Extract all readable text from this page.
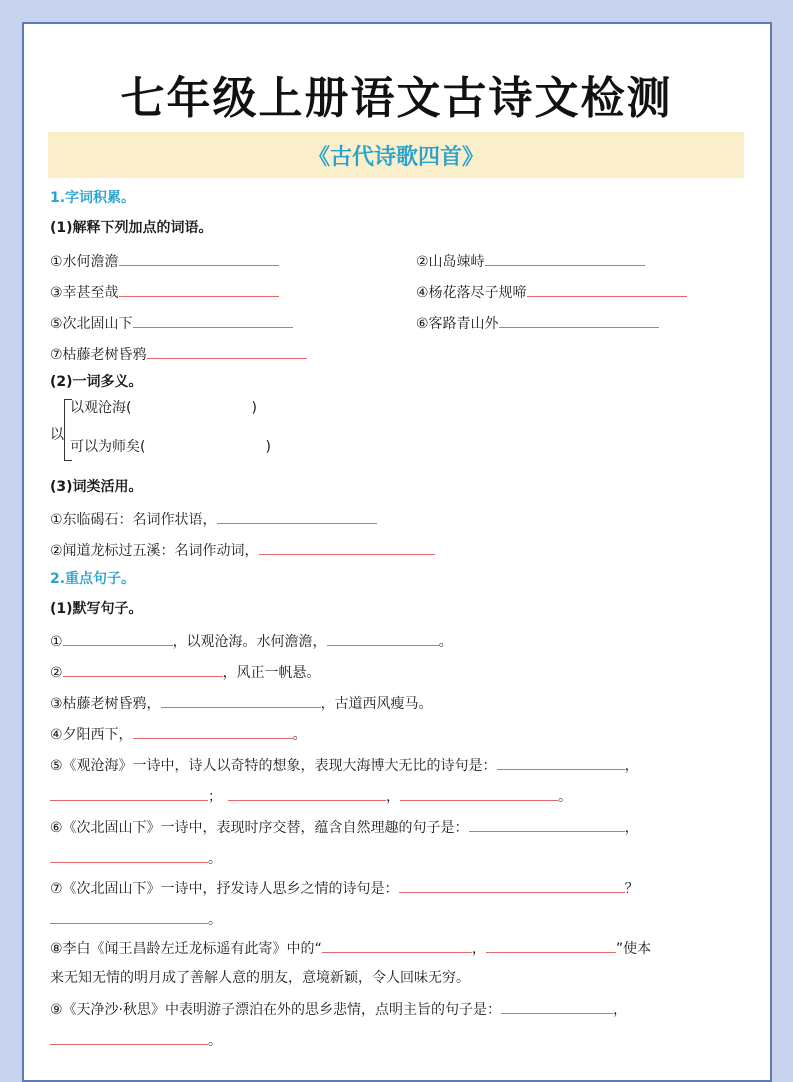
七年级上册语文古诗文检测
《古代诗歌四首》
1.字词积累。
(1)解释下列加点的词语。
①水何澹澹	②山岛竦峙
③幸甚至哉	④杨花落尽子规啼
⑤次北固山下	⑥客路青山外
⑦枯藤老树昏鸦
(2)一词多义。
以
以观沧海(	)
可以为师矣(	)
(3)词类活用。
①东临碣石：名词作状语，
②闻道龙标过五溪：名词作动词，
2.重点句子。
(1)默写句子。
①	，以观沧海。水何澹澹，	。
②	，风正一帆悬。
③枯藤老树昏鸦，	，古道西风瘦马。
④夕阳西下，	。
⑤《观沧海》一诗中，诗人以奇特的想象，表现大海博大无比的诗句是：	，
；	，	。
⑥《次北固山下》一诗中，表现时序交替，蕴含自然理趣的句子是：	，
。
⑦《次北固山下》一诗中，抒发诗人思乡之情的诗句是：	？
。
⑧李白《闻王昌龄左迁龙标遥有此寄》中的“	，	”使本
来无知无情的明月成了善解人意的朋友，意境新颖，令人回味无穷。
⑨《天净沙·秋思》中表明游子漂泊在外的思乡悲情，点明主旨的句子是：	，
。
